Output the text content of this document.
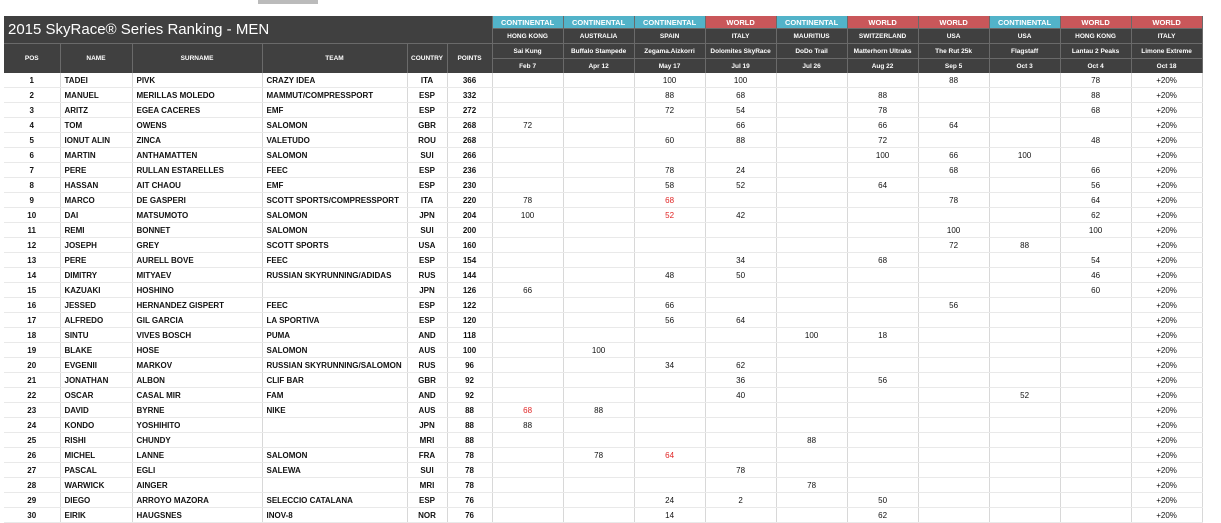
2015 SkyRace® Series Ranking - MEN						CONTINENTAL	CONTINENTAL	CONTINENTAL	WORLD	CONTINENTAL	WORLD	WORLD	CONTINENTAL	WORLD	WORLD
						HONG KONG	AUSTRALIA	SPAIN	ITALY	MAURITIUS	SWITZERLAND	USA	USA	HONG KONG	ITALY
POS	NAME	SURNAME	TEAM	COUNTRY	POINTS	Sai Kung	Buffalo Stampede	Zegama.Aizkorri	Dolomites SkyRace	DoDo Trail	Matterhorn Ultraks	The Rut 25k	Flagstaff	Lantau 2 Peaks	Limone Extreme
						Feb 7	Apr 12	May 17	Jul 19	Jul 26	Aug 22	Sep 5	Oct 3	Oct 4	Oct 18
1	TADEI	PIVK	CRAZY IDEA	ITA	366			100	100			88		78	+20%
2	MANUEL	MERILLAS MOLEDO	MAMMUT/COMPRESSPORT	ESP	332			88	68		88			88	+20%
3	ARITZ	EGEA CACERES	EMF	ESP	272			72	54		78			68	+20%
4	TOM	OWENS	SALOMON	GBR	268	72			66		66	64			+20%
5	IONUT ALIN	ZINCA	VALETUDO	ROU	268			60	88		72			48	+20%
6	MARTIN	ANTHAMATTEN	SALOMON	SUI	266						100	66	100		+20%
7	PERE	RULLAN ESTARELLES	FEEC	ESP	236			78	24			68		66	+20%
8	HASSAN	AIT CHAOU	EMF	ESP	230			58	52		64			56	+20%
9	MARCO	DE GASPERI	SCOTT SPORTS/COMPRESSPORT	ITA	220	78		68				78		64	+20%
10	DAI	MATSUMOTO	SALOMON	JPN	204	100		52	42					62	+20%
11	REMI	BONNET	SALOMON	SUI	200							100		100	+20%
12	JOSEPH	GREY	SCOTT SPORTS	USA	160							72	88		+20%
13	PERE	AURELL BOVE	FEEC	ESP	154				34		68			54	+20%
14	DIMITRY	MITYAEV	RUSSIAN SKYRUNNING/ADIDAS	RUS	144			48	50					46	+20%
15	KAZUAKI	HOSHINO		JPN	126	66								60	+20%
16	JESSED	HERNANDEZ GISPERT	FEEC	ESP	122			66				56			+20%
17	ALFREDO	GIL GARCIA	LA SPORTIVA	ESP	120			56	64						+20%
18	SINTU	VIVES BOSCH	PUMA	AND	118					100	18				+20%
19	BLAKE	HOSE	SALOMON	AUS	100		100								+20%
20	EVGENII	MARKOV	RUSSIAN SKYRUNNING/SALOMON	RUS	96			34	62						+20%
21	JONATHAN	ALBON	CLIF BAR	GBR	92				36		56				+20%
22	OSCAR	CASAL MIR	FAM	AND	92				40				52		+20%
23	DAVID	BYRNE	NIKE	AUS	88	68	88								+20%
24	KONDO	YOSHIHITO		JPN	88	88									+20%
25	RISHI	CHUNDY		MRI	88					88					+20%
26	MICHEL	LANNE	SALOMON	FRA	78		78	64							+20%
27	PASCAL	EGLI	SALEWA	SUI	78				78						+20%
28	WARWICK	AINGER		MRI	78					78					+20%
29	DIEGO	ARROYO MAZORA	SELECCIO CATALANA	ESP	76			24	2		50				+20%
30	EIRIK	HAUGSNES	INOV-8	NOR	76			14			62				+20%
